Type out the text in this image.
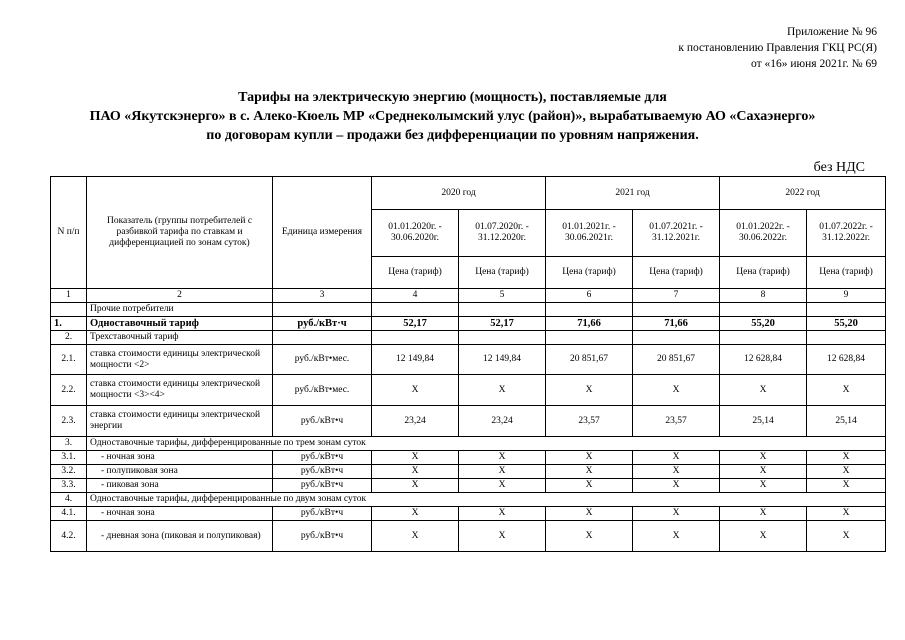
Приложение № 96
к постановлению Правления ГКЦ РС(Я)
от «16» июня 2021г. № 69
Тарифы на электрическую энергию (мощность), поставляемые для
ПАО «Якутскэнерго» в с. Алеко-Кюель МР «Среднеколымский улус (район)», вырабатываемую АО «Сахаэнерго»
по договорам купли – продажи без дифференциации по уровням напряжения.
без НДС
N п/п	Показатель (группы потребителей с разбивкой тарифа по ставкам и дифференциацией по зонам суток)	Единица измерения	2020 год		2021 год		2022 год	
			01.01.2020г. - 30.06.2020г.	01.07.2020г. - 31.12.2020г.	01.01.2021г. - 30.06.2021г.	01.07.2021г. - 31.12.2021г.	01.01.2022г. - 30.06.2022г.	01.07.2022г. - 31.12.2022г.
			Цена (тариф)	Цена (тариф)	Цена (тариф)	Цена (тариф)	Цена (тариф)	Цена (тариф)
1	2	3	4	5	6	7	8	9
	Прочие потребители							
1.	Одноставочный тариф	руб./кВт·ч	52,17	52,17	71,66	71,66	55,20	55,20
2.	Трехставочный тариф							
2.1.	ставка стоимости единицы электрической мощности <2>	руб./кВт•мес.	12 149,84	12 149,84	20 851,67	20 851,67	12 628,84	12 628,84
2.2.	ставка стоимости единицы электрической мощности <3><4>	руб./кВт•мес.	X	X	X	X	X	X
2.3.	ставка стоимости единицы электрической энергии	руб./кВт•ч	23,24	23,24	23,57	23,57	25,14	25,14
3.	Одноставочные тарифы, дифференцированные по трем зонам суток							
3.1.	- ночная зона	руб./кВт•ч	X	X	X	X	X	X
3.2.	- полупиковая зона	руб./кВт•ч	X	X	X	X	X	X
3.3.	- пиковая зона	руб./кВт•ч	X	X	X	X	X	X
4.	Одноставочные тарифы, дифференцированные по двум зонам суток							
4.1.	- ночная зона	руб./кВт•ч	X	X	X	X	X	X
4.2.	- дневная зона (пиковая и полупиковая)	руб./кВт•ч	X	X	X	X	X	X
